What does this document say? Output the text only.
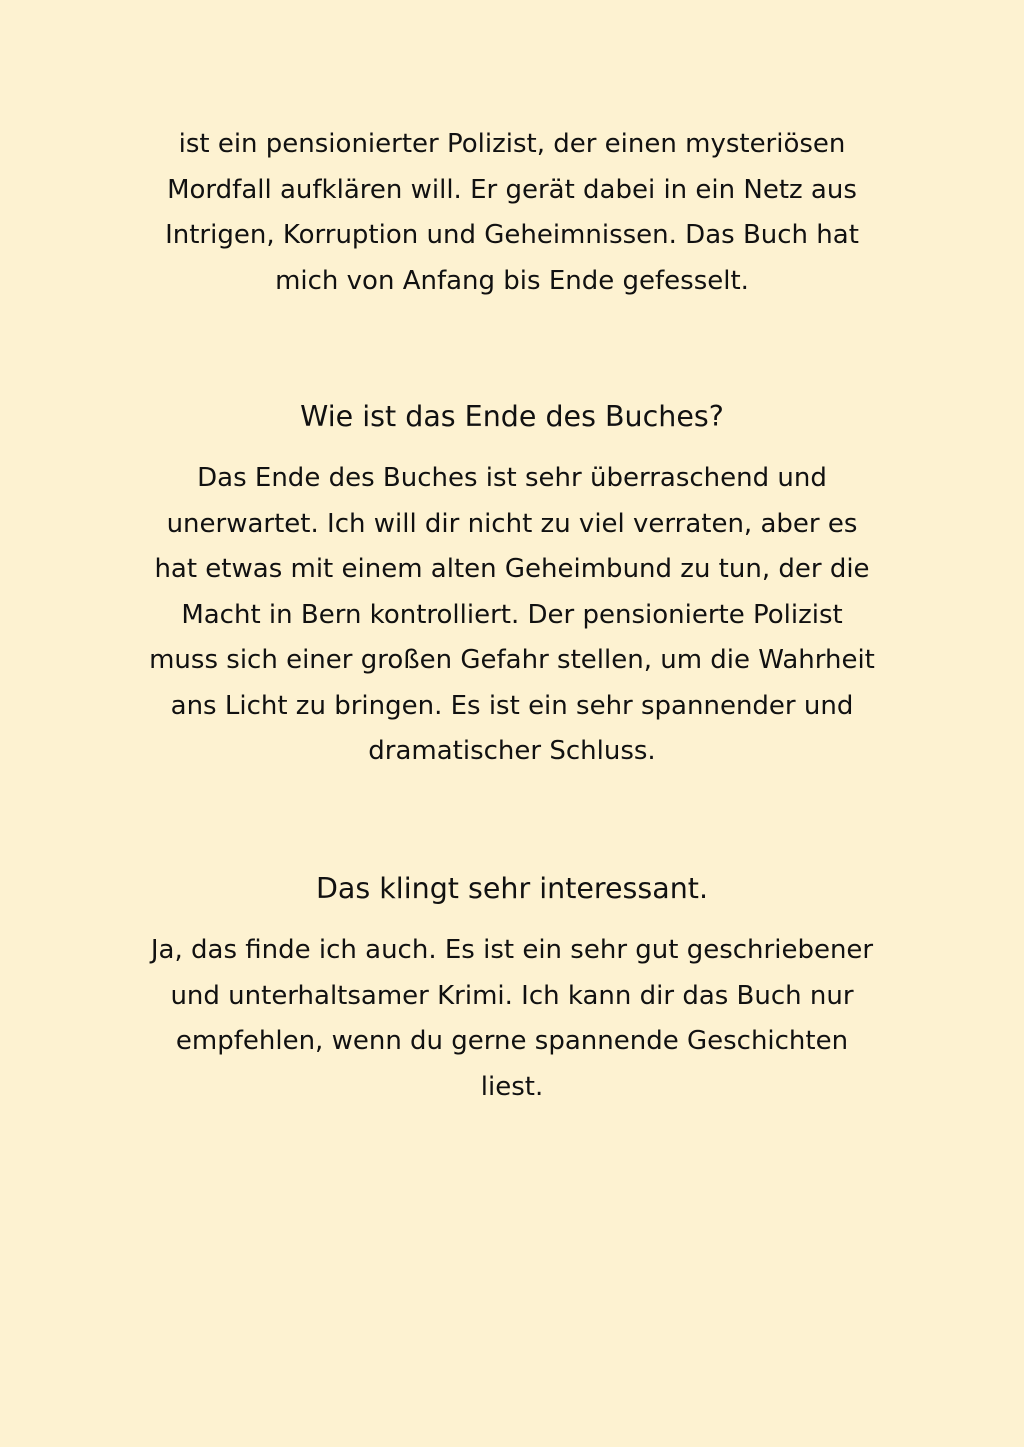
ist ein pensionierter Polizist, der einen mysteriösen
Mordfall aufklären will. Er gerät dabei in ein Netz aus
Intrigen, Korruption und Geheimnissen. Das Buch hat
mich von Anfang bis Ende gefesselt.
Wie ist das Ende des Buches?
Das Ende des Buches ist sehr überraschend und
unerwartet. Ich will dir nicht zu viel verraten, aber es
hat etwas mit einem alten Geheimbund zu tun, der die
Macht in Bern kontrolliert. Der pensionierte Polizist
muss sich einer großen Gefahr stellen, um die Wahrheit
ans Licht zu bringen. Es ist ein sehr spannender und
dramatischer Schluss.
Das klingt sehr interessant.
Ja, das finde ich auch. Es ist ein sehr gut geschriebener
und unterhaltsamer Krimi. Ich kann dir das Buch nur
empfehlen, wenn du gerne spannende Geschichten
liest.
